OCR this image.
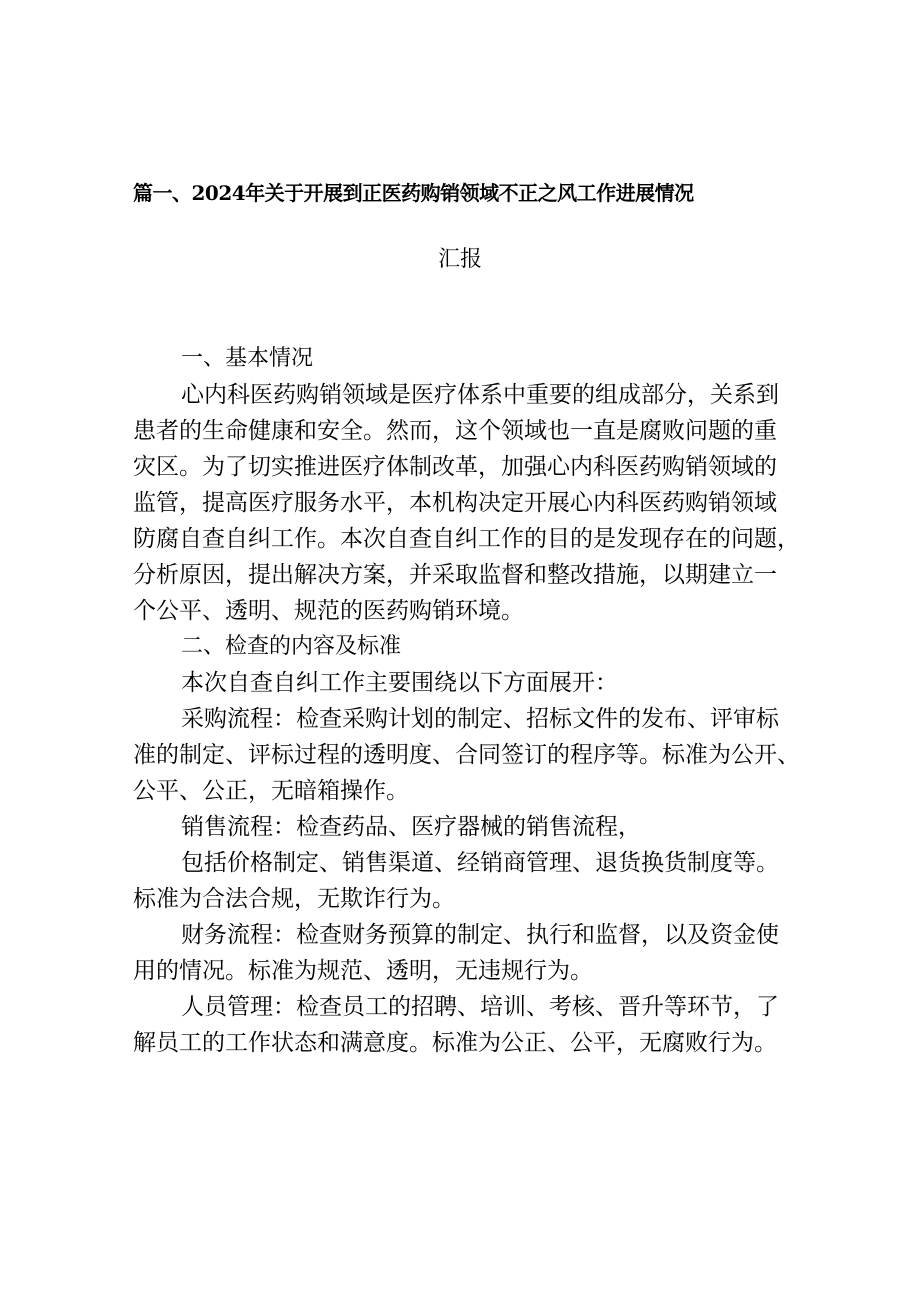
篇一、2024年关于开展到正医药购销领域不正之风工作进展情况
汇报
一、基本情况
心内科医药购销领域是医疗体系中重要的组成部分，关系到
患者的生命健康和安全。然而，这个领域也一直是腐败问题的重
灾区。为了切实推进医疗体制改革，加强心内科医药购销领域的
监管，提高医疗服务水平，本机构决定开展心内科医药购销领域
防腐自查自纠工作。本次自查自纠工作的目的是发现存在的问题，
分析原因，提出解决方案，并采取监督和整改措施，以期建立一
个公平、透明、规范的医药购销环境。
二、检查的内容及标准
本次自查自纠工作主要围绕以下方面展开：
采购流程：检查采购计划的制定、招标文件的发布、评审标
准的制定、评标过程的透明度、合同签订的程序等。标准为公开、
公平、公正，无暗箱操作。
销售流程：检查药品、医疗器械的销售流程，
包括价格制定、销售渠道、经销商管理、退货换货制度等。
标准为合法合规，无欺诈行为。
财务流程：检查财务预算的制定、执行和监督，以及资金使
用的情况。标准为规范、透明，无违规行为。
人员管理：检查员工的招聘、培训、考核、晋升等环节，了
解员工的工作状态和满意度。标准为公正、公平，无腐败行为。
